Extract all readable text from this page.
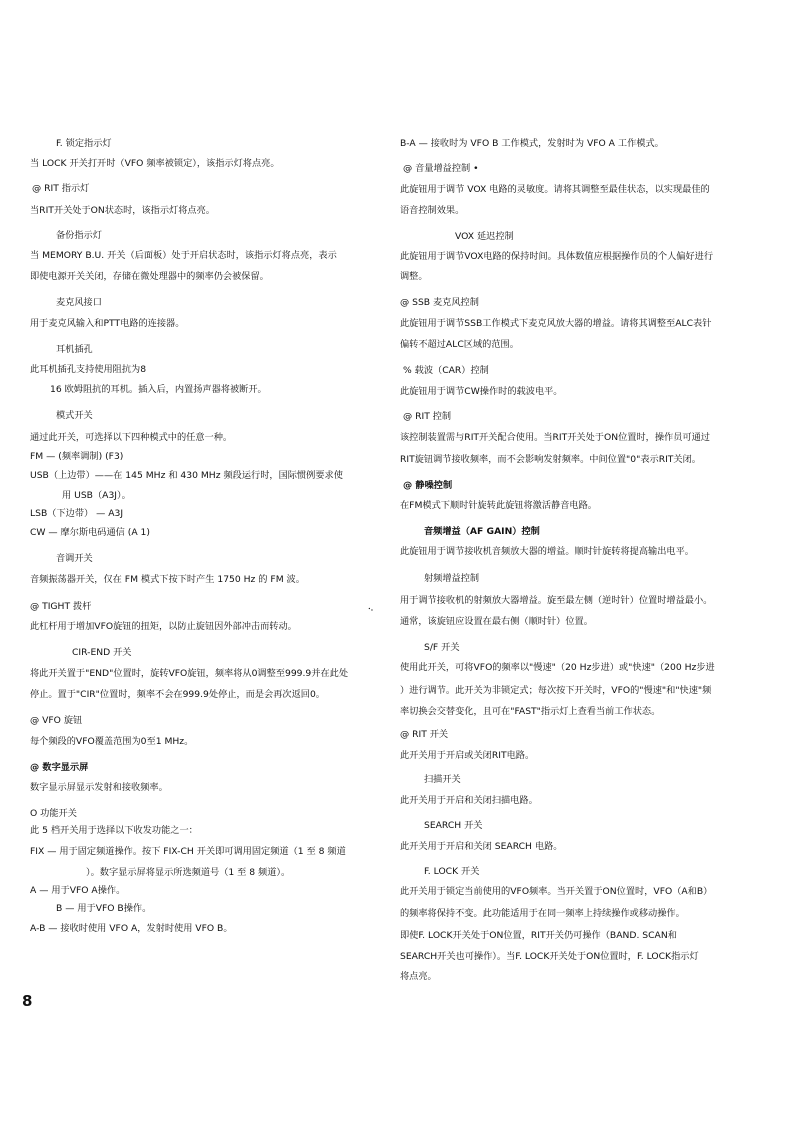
F. 锁定指示灯
当 LOCK 开关打开时（VFO 频率被锁定），该指示灯将点亮。
@ RIT 指示灯
当RIT开关处于ON状态时，该指示灯将点亮。
备份指示灯
当 MEMORY B.U. 开关（后面板）处于开启状态时，该指示灯将点亮，表示
即使电源开关关闭，存储在微处理器中的频率仍会被保留。
麦克风接口
用于麦克风输入和PTT电路的连接器。
耳机插孔
此耳机插孔支持使用阻抗为8
16 欧姆阻抗的耳机。插入后，内置扬声器将被断开。
模式开关
通过此开关，可选择以下四种模式中的任意一种。
FM — (频率调制) (F3)
USB（上边带）——在 145 MHz 和 430 MHz 频段运行时，国际惯例要求使
用 USB（A3J）。
LSB（下边带） — A3J
CW — 摩尔斯电码通信 (A 1)
音调开关
音频振荡器开关，仅在 FM 模式下按下时产生 1750 Hz 的 FM 波。
@ TIGHT 拨杆
此杠杆用于增加VFO旋钮的扭矩，以防止旋钮因外部冲击而转动。
CIR-END 开关
将此开关置于"END"位置时，旋转VFO旋钮，频率将从0调整至999.9并在此处
停止。置于"CIR"位置时，频率不会在999.9处停止，而是会再次返回0。
@ VFO 旋钮
每个频段的VFO覆盖范围为0至1 MHz。
@ 数字显示屏
数字显示屏显示发射和接收频率。
O 功能开关
此 5 档开关用于选择以下收发功能之一：
FIX — 用于固定频道操作。按下 FIX-CH 开关即可调用固定频道（1 至 8 频道
）。数字显示屏将显示所选频道号（1 至 8 频道）。
A — 用于VFO A操作。
B — 用于VFO B操作。
A-B — 接收时使用 VFO A，发射时使用 VFO B。
B-A — 接收时为 VFO B 工作模式，发射时为 VFO A 工作模式。
@ 音量增益控制 •
此旋钮用于调节 VOX 电路的灵敏度。请将其调整至最佳状态，以实现最佳的
语音控制效果。
VOX 延迟控制
此旋钮用于调节VOX电路的保持时间。具体数值应根据操作员的个人偏好进行
调整。
@ SSB 麦克风控制
此旋钮用于调节SSB工作模式下麦克风放大器的增益。请将其调整至ALC表针
偏转不超过ALC区域的范围。
% 载波（CAR）控制
此旋钮用于调节CW操作时的载波电平。
@ RIT 控制
该控制装置需与RIT开关配合使用。当RIT开关处于ON位置时，操作员可通过
RIT旋钮调节接收频率，而不会影响发射频率。中间位置"0"表示RIT关闭。
@ 静噪控制
在FM模式下顺时针旋转此旋钮将激活静音电路。
音频增益（AF GAIN）控制
此旋钮用于调节接收机音频放大器的增益。顺时针旋转将提高输出电平。
射频增益控制
用于调节接收机的射频放大器增益。旋至最左侧（逆时针）位置时增益最小。
通常，该旋钮应设置在最右侧（顺时针）位置。
S/F 开关
使用此开关，可将VFO的频率以"慢速"（20 Hz步进）或"快速"（200 Hz步进
）进行调节。此开关为非锁定式；每次按下开关时，VFO的"慢速"和"快速"频
率切换会交替变化，且可在"FAST"指示灯上查看当前工作状态。
@ RIT 开关
此开关用于开启或关闭RIT电路。
扫描开关
此开关用于开启和关闭扫描电路。
SEARCH 开关
此开关用于开启和关闭 SEARCH 电路。
F. LOCK 开关
此开关用于锁定当前使用的VFO频率。当开关置于ON位置时，VFO（A和B）
的频率将保持不变。此功能适用于在同一频率上持续操作或移动操作。
即使F. LOCK开关处于ON位置，RIT开关仍可操作（BAND. SCAN和
SEARCH开关也可操作）。当F. LOCK开关处于ON位置时，F. LOCK指示灯
将点亮。
⸱⸳
8
